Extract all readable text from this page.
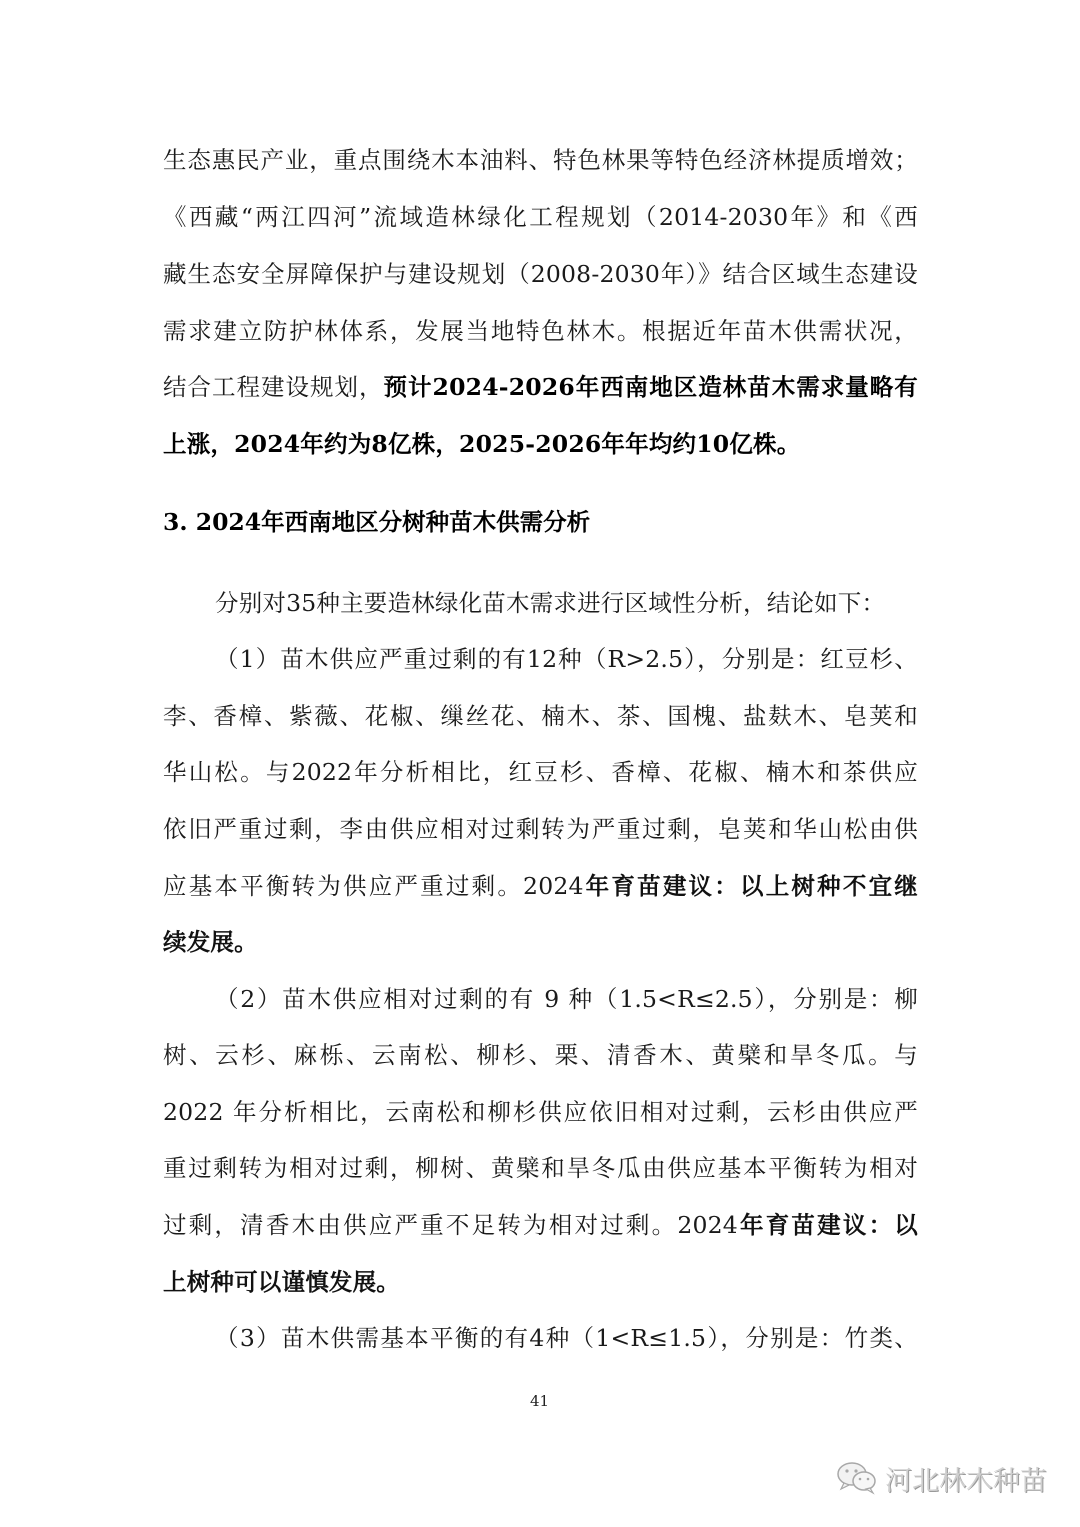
生态惠民产业，重点围绕木本油料、特色林果等特色经济林提质增效；
《西藏“两江四河”流域造林绿化工程规划（2014-2030年》和《西
藏生态安全屏障保护与建设规划（2008-2030年）》结合区域生态建设
需求建立防护林体系，发展当地特色林木。根据近年苗木供需状况，
结合工程建设规划，预计2024-2026年西南地区造林苗木需求量略有
上涨，2024年约为8亿株，2025-2026年年均约10亿株。
3. 2024年西南地区分树种苗木供需分析
分别对35种主要造林绿化苗木需求进行区域性分析，结论如下：
（1）苗木供应严重过剩的有12种（R>2.5），分别是：红豆杉、
李、香樟、紫薇、花椒、缫丝花、楠木、茶、国槐、盐麸木、皂荚和
华山松。与2022年分析相比，红豆杉、香樟、花椒、楠木和茶供应
依旧严重过剩，李由供应相对过剩转为严重过剩，皂荚和华山松由供
应基本平衡转为供应严重过剩。2024年育苗建议：以上树种不宜继
续发展。
（2）苗木供应相对过剩的有 9 种（1.5<R≤2.5），分别是：柳
树、云杉、麻栎、云南松、柳杉、栗、清香木、黄檗和旱冬瓜。与
2022 年分析相比，云南松和柳杉供应依旧相对过剩，云杉由供应严
重过剩转为相对过剩，柳树、黄檗和旱冬瓜由供应基本平衡转为相对
过剩，清香木由供应严重不足转为相对过剩。2024年育苗建议：以
上树种可以谨慎发展。
（3）苗木供需基本平衡的有4种（1<R≤1.5），分别是：竹类、
41
河北林木种苗
